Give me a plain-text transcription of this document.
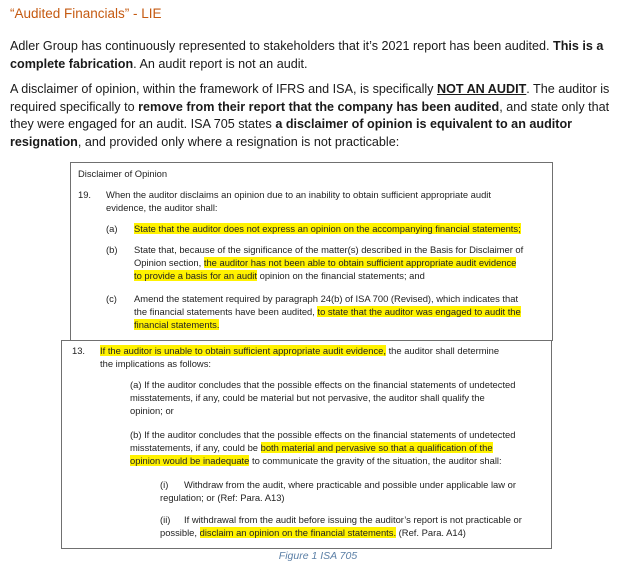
“Audited Financials” - LIE
Adler Group has continuously represented to stakeholders that it’s 2021 report has been audited. This is a complete fabrication. An audit report is not an audit.
A disclaimer of opinion, within the framework of IFRS and ISA, is specifically NOT AN AUDIT. The auditor is required specifically to remove from their report that the company has been audited, and state only that they were engaged for an audit. ISA 705 states a disclaimer of opinion is equivalent to an auditor resignation, and provided only where a resignation is not practicable:
Disclaimer of Opinion
19. When the auditor disclaims an opinion due to an inability to obtain sufficient appropriate audit
evidence, the auditor shall:
(a) State that the auditor does not express an opinion on the accompanying financial statements;
(b) State that, because of the significance of the matter(s) described in the Basis for Disclaimer of
Opinion section, the auditor has not been able to obtain sufficient appropriate audit evidence
to provide a basis for an audit opinion on the financial statements; and
(c) Amend the statement required by paragraph 24(b) of ISA 700 (Revised), which indicates that
the financial statements have been audited, to state that the auditor was engaged to audit the
financial statements.
13. If the auditor is unable to obtain sufficient appropriate audit evidence, the auditor shall determine
the implications as follows:
(a) If the auditor concludes that the possible effects on the financial statements of undetected
misstatements, if any, could be material but not pervasive, the auditor shall qualify the
opinion; or
(b) If the auditor concludes that the possible effects on the financial statements of undetected
misstatements, if any, could be both material and pervasive so that a qualification of the
opinion would be inadequate to communicate the gravity of the situation, the auditor shall:
(i) Withdraw from the audit, where practicable and possible under applicable law or
regulation; or (Ref: Para. A13)
(ii) If withdrawal from the audit before issuing the auditor’s report is not practicable or
possible, disclaim an opinion on the financial statements. (Ref. Para. A14)
Figure 1 ISA 705
